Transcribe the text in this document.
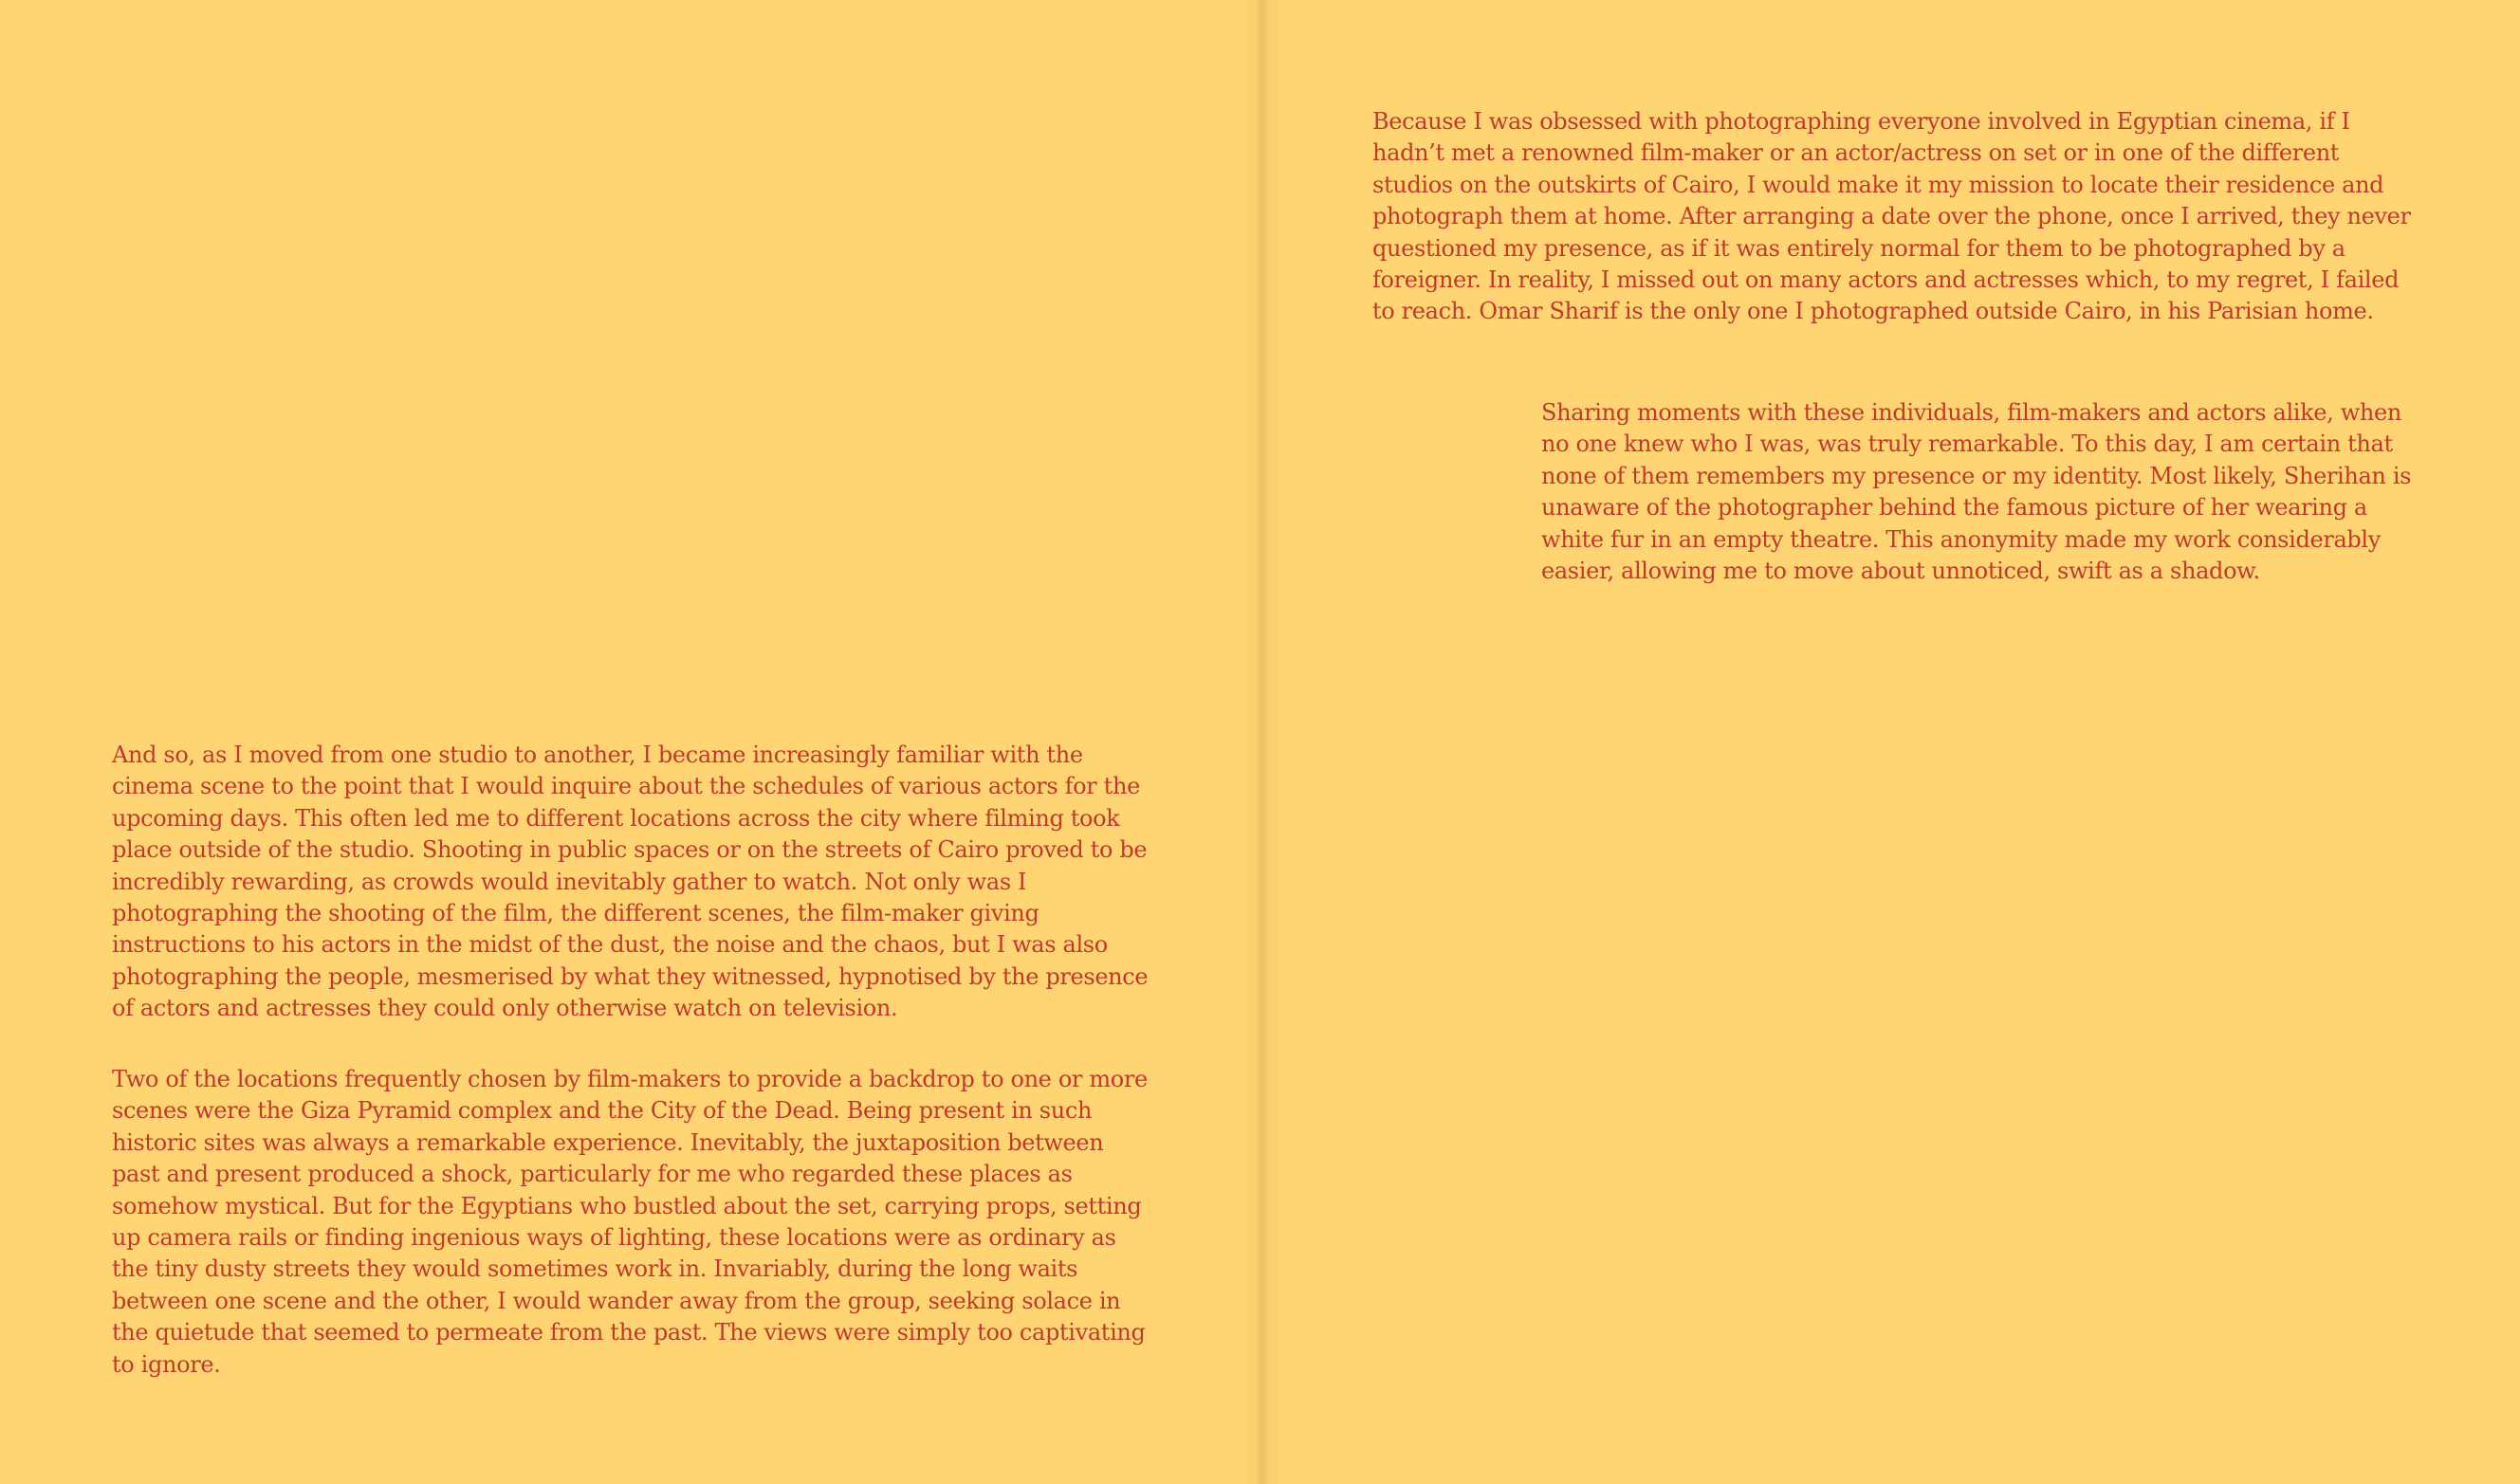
And so, as I moved from one studio to another, I became increasingly familiar with the cinema scene to the point that I would inquire about the schedules of various actors for the upcoming days. This often led me to different locations across the city where filming took place outside of the studio. Shooting in public spaces or on the streets of Cairo proved to be incredibly rewarding, as crowds would inevitably gather to watch. Not only was I photographing the shooting of the film, the different scenes, the film-maker giving instructions to his actors in the midst of the dust, the noise and the chaos, but I was also photographing the people, mesmerised by what they witnessed, hypnotised by the presence of actors and actresses they could only otherwise watch on television.

Two of the locations frequently chosen by film-makers to provide a backdrop to one or more scenes were the Giza Pyramid complex and the City of the Dead. Being present in such historic sites was always a remarkable experience. Inevitably, the juxtaposition between past and present produced a shock, particularly for me who regarded these places as somehow mystical. But for the Egyptians who bustled about the set, carrying props, setting up camera rails or finding ingenious ways of lighting, these locations were as ordinary as the tiny dusty streets they would sometimes work in. Invariably, during the long waits between one scene and the other, I would wander away from the group, seeking solace in the quietude that seemed to permeate from the past. The views were simply too captivating to ignore.

Because I was obsessed with photographing everyone involved in Egyptian cinema, if I hadn’t met a renowned film-maker or an actor/actress on set or in one of the different studios on the outskirts of Cairo, I would make it my mission to locate their residence and photograph them at home. After arranging a date over the phone, once I arrived, they never questioned my presence, as if it was entirely normal for them to be photographed by a foreigner. In reality, I missed out on many actors and actresses which, to my regret, I failed to reach. Omar Sharif is the only one I photographed outside Cairo, in his Parisian home.

Sharing moments with these individuals, film-makers and actors alike, when no one knew who I was, was truly remarkable. To this day, I am certain that none of them remembers my presence or my identity. Most likely, Sherihan is unaware of the photographer behind the famous picture of her wearing a white fur in an empty theatre. This anonymity made my work considerably easier, allowing me to move about unnoticed, swift as a shadow.
